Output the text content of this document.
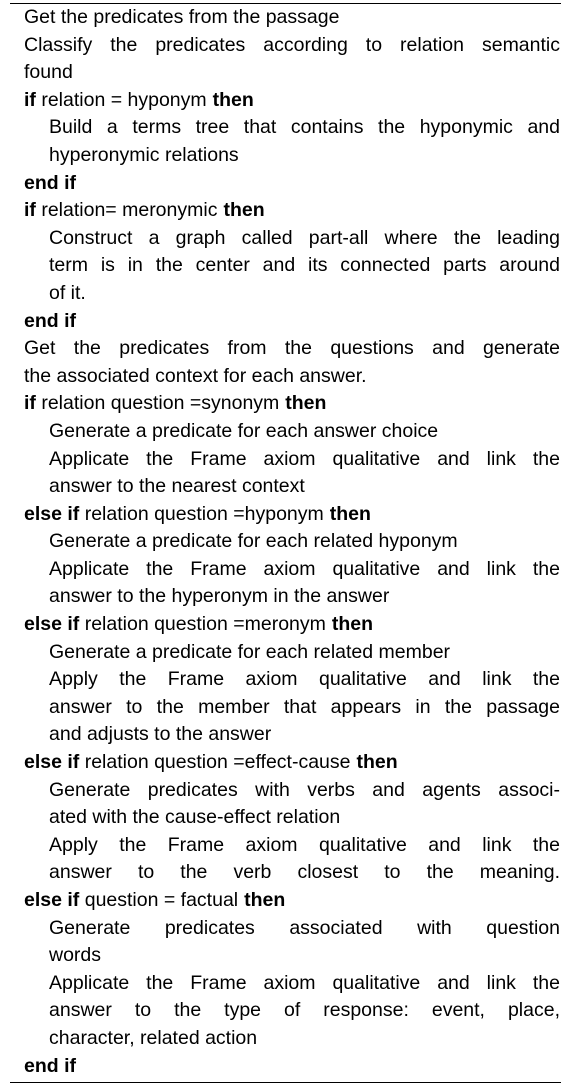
Get the predicates from the passage
Classify the predicates according to relation semantic
found
if relation = hyponym then
Build a terms tree that contains the hyponymic and
hyperonymic relations
end if
if relation= meronymic then
Construct a graph called part-all where the leading
term is in the center and its connected parts around
of it.
end if
Get the predicates from the questions and generate
the associated context for each answer.
if relation question =synonym then
Generate a predicate for each answer choice
Applicate the Frame axiom qualitative and link the
answer to the nearest context
else if relation question =hyponym then
Generate a predicate for each related hyponym
Applicate the Frame axiom qualitative and link the
answer to the hyperonym in the answer
else if relation question =meronym then
Generate a predicate for each related member
Apply the Frame axiom qualitative and link the
answer to the member that appears in the passage
and adjusts to the answer
else if relation question =effect-cause then
Generate predicates with verbs and agents associ-
ated with the cause-effect relation
Apply the Frame axiom qualitative and link the
answer to the verb closest to the meaning.
else if question = factual then
Generate predicates associated with question
words
Applicate the Frame axiom qualitative and link the
answer to the type of response: event, place,
character, related action
end if
